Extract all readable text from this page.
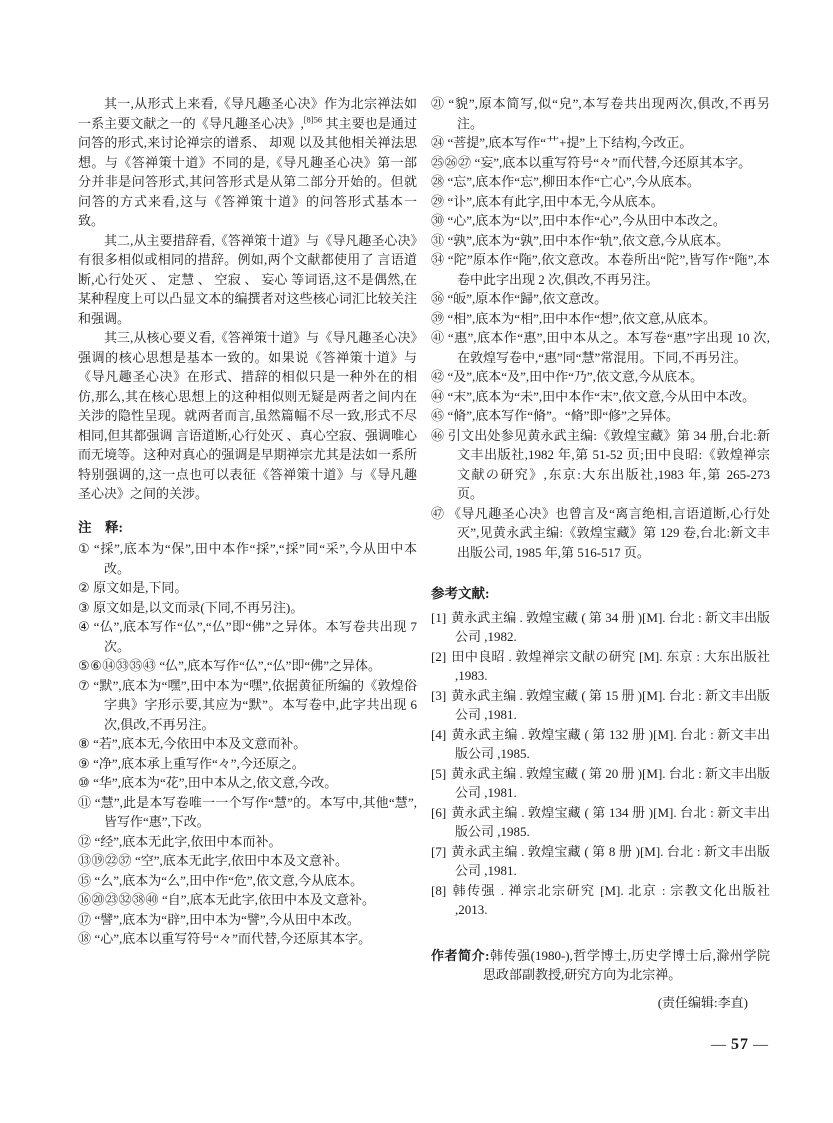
其一,从形式上来看,《导凡趣圣心决》作为北宗禅法如一系主要文献之一的《导凡趣圣心决》,$^{[8]56}$ 其主要也是通过问答的形式,来讨论禅宗的谱系、 却观 以及其他相关禅法思想。与《答禅策十道》不同的是,《导凡趣圣心决》第一部分并非是问答形式,其问答形式是从第二部分开始的。但就问答的方式来看,这与《答禅策十道》的问答形式基本一致。

其二,从主要措辞看,《答禅策十道》与《导凡趣圣心决》有很多相似或相同的措辞。例如,两个文献都使用了 言语道断,心行处灭 、 定慧 、 空寂 、 妄心 等词语,这不是偶然,在某种程度上可以凸显文本的编撰者对这些核心词汇比较关注和强调。

其三,从核心要义看,《答禅策十道》与《导凡趣圣心决》强调的核心思想是基本一致的。如果说《答禅策十道》与《导凡趣圣心决》在形式、措辞的相似只是一种外在的相仿,那么,其在核心思想上的这种相似则无疑是两者之间内在关涉的隐性呈现。就两者而言,虽然篇幅不尽一致,形式不尽相同,但其都强调 言语道断,心行处灭 、真心空寂、强调唯心而无境等。这种对真心的强调是早期禅宗尤其是法如一系所特别强调的,这一点也可以表征《答禅策十道》与《导凡趣圣心决》之间的关涉。

注　释:
① “採”,底本为“保”,田中本作“採”,“採”同“采”,今从田中本改。
② 原文如是,下同。
③ 原文如是,以文而录(下同,不再另注)。
④ “仏”,底本写作“仏”,“仏”即“佛”之异体。本写卷共出现 7 次。
⑤⑥⑭㉝㉟㊸ “仏”,底本写作“仏”,“仏”即“佛”之异体。
⑦ “默”,底本为“嘿”,田中本为“嘿”,依据黄征所编的《敦煌俗字典》字形示要,其应为“默”。本写卷中,此字共出现 6 次,俱改,不再另注。
⑧ “若”,底本无,今依田中本及文意而补。
⑨ “净”,底本承上重写作“々”,今还原之。
⑩ “华”,底本为“花”,田中本从之,依文意,今改。
⑪ “慧”,此是本写卷唯一一个写作“慧”的。本写中,其他“慧”,皆写作“惠”,下改。
⑫ “经”,底本无此字,依田中本而补。
⑬⑲㉒㊲ “空”,底本无此字,依田中本及文意补。
⑮ “么”,底本为“么”,田中作“危”,依文意,今从底本。
⑯⑳㉓㉜㊳㊵ “自”,底本无此字,依田中本及文意补。
⑰ “譬”,底本为“辟”,田中本为“譬”,今从田中本改。
⑱ “心”,底本以重写符号“々”而代替,今还原其本字。
㉑ “貌”,原本简写,似“皃”,本写卷共出现两次,俱改,不再另注。
㉔ “菩提”,底本写作“艹+提”上下结构,今改正。
㉕㉖㉗ “妄”,底本以重写符号“々”而代替,今还原其本字。
㉘ “忘”,底本作“忘”,柳田本作“亡心”,今从底本。
㉙ “讣”,底本有此字,田中本无,今从底本。
㉚ “心”,底本为“以”,田中本作“心”,今从田中本改之。
㉛ “孰”,底本为“孰”,田中本作“轨”,依文意,今从底本。
㉞ “陀”原本作“陁”,依文意改。本卷所出“陀”,皆写作“陁”,本卷中此字出现 2 次,俱改,不再另注。
㊱ “皈”,原本作“歸”,依文意改。
㊴ “相”,底本为“相”,田中本作“想”,依文意,从底本。
㊶ “惠”,底本作“惠”,田中本从之。本写卷“惠”字出现 10 次,在敦煌写卷中,“惠”同“慧”常混用。下同,不再另注。
㊷ “及”,底本“及”,田中作“乃”,依文意,今从底本。
㊹ “末”,底本为“未”,田中本作“末”,依文意,今从田中本改。
㊺ “脩”,底本写作“脩”。“脩”即“修”之异体。
㊻ 引文出处参见黄永武主编:《敦煌宝藏》第 34 册,台北:新文丰出版社,1982 年,第 51-52 页;田中良昭:《敦煌禅宗文献の研究》,东京:大东出版社,1983 年,第 265-273 页。
㊼ 《导凡趣圣心决》也曾言及“离言绝相,言语道断,心行处灭”,见黄永武主编:《敦煌宝藏》第 129 卷,台北:新文丰出版公司, 1985 年,第 516-517 页。
参考文献:
[1] 黄永武主编 . 敦煌宝藏 ( 第 34 册 )[M]. 台北 : 新文丰出版公司 ,1982.
[2] 田中良昭 . 敦煌禅宗文献の研究 [M]. 东京 : 大东出版社 ,1983.
[3] 黄永武主编 . 敦煌宝藏 ( 第 15 册 )[M]. 台北 : 新文丰出版公司 ,1981.
[4] 黄永武主编 . 敦煌宝藏 ( 第 132 册 )[M]. 台北 : 新文丰出版公司 ,1985.
[5] 黄永武主编 . 敦煌宝藏 ( 第 20 册 )[M]. 台北 : 新文丰出版公司 ,1981.
[6] 黄永武主编 . 敦煌宝藏 ( 第 134 册 )[M]. 台北 : 新文丰出版公司 ,1985.
[7] 黄永武主编 . 敦煌宝藏 ( 第 8 册 )[M]. 台北 : 新文丰出版公司 ,1981.
[8] 韩传强 . 禅宗北宗研究 [M]. 北京 : 宗教文化出版社 ,2013.

作者简介:韩传强(1980-),哲学博士,历史学博士后,滁州学院思政部副教授,研究方向为北宗禅。

(责任编辑:李直)

— 57 —
